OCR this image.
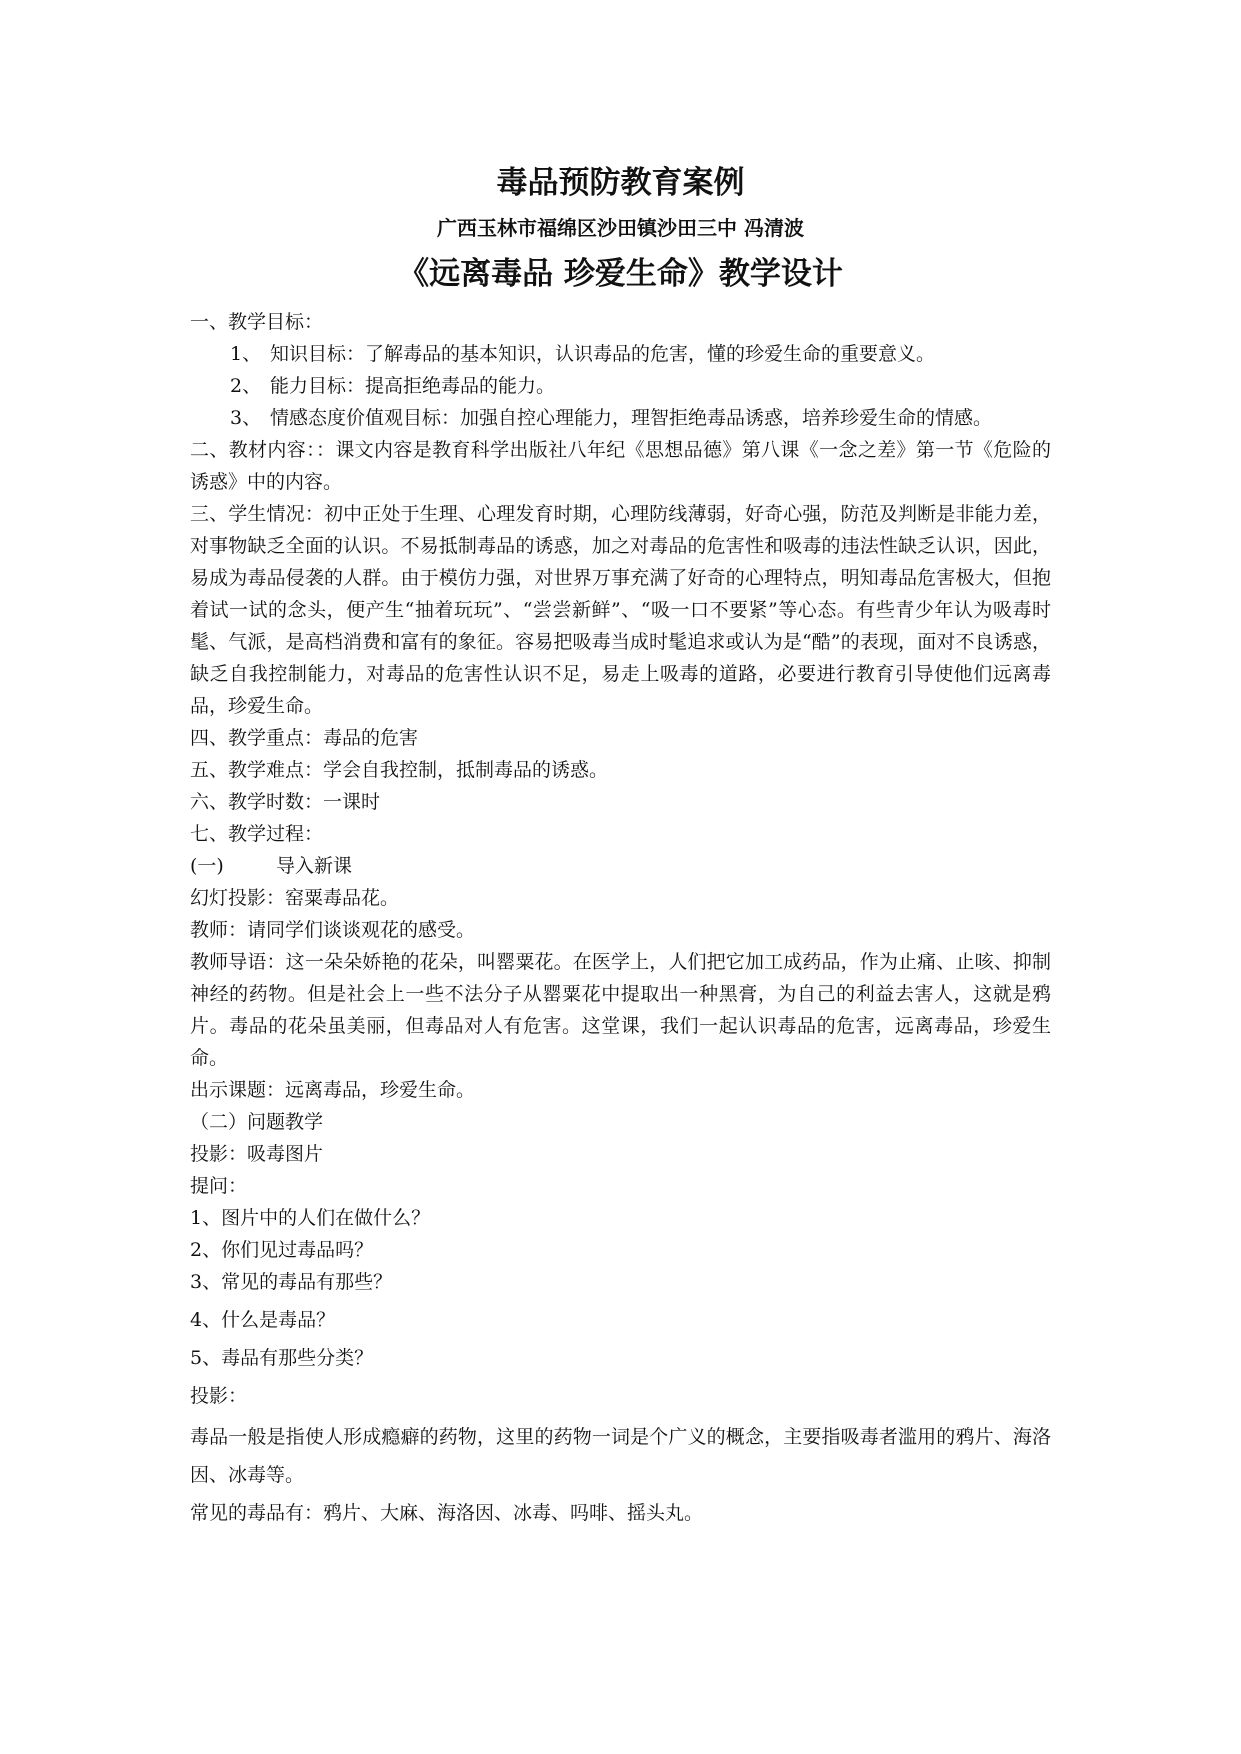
毒品预防教育案例

广西玉林市福绵区沙田镇沙田三中 冯清波

《远离毒品 珍爱生命》教学设计

一、教学目标：

1、 知识目标：了解毒品的基本知识，认识毒品的危害，懂的珍爱生命的重要意义。
2、 能力目标：提高拒绝毒品的能力。
3、 情感态度价值观目标：加强自控心理能力，理智拒绝毒品诱惑，培养珍爱生命的情感。

二、教材内容：：课文内容是教育科学出版社八年纪《思想品德》第八课《一念之差》第一节《危险的诱惑》中的内容。

三、学生情况：初中正处于生理、心理发育时期，心理防线薄弱，好奇心强，防范及判断是非能力差，对事物缺乏全面的认识。不易抵制毒品的诱惑，加之对毒品的危害性和吸毒的违法性缺乏认识，因此，易成为毒品侵袭的人群。由于模仿力强，对世界万事充满了好奇的心理特点，明知毒品危害极大，但抱着试一试的念头，便产生“抽着玩玩”、“尝尝新鲜”、“吸一口不要紧”等心态。有些青少年认为吸毒时髦、气派，是高档消费和富有的象征。容易把吸毒当成时髦追求或认为是“酷”的表现，面对不良诱惑，缺乏自我控制能力，对毒品的危害性认识不足，易走上吸毒的道路，必要进行教育引导使他们远离毒品，珍爱生命。

四、教学重点：毒品的危害

五、教学难点：学会自我控制，抵制毒品的诱惑。

六、教学时数：一课时

七、教学过程：

(一)	导入新课

幻灯投影：窑粟毒品花。

教师：请同学们谈谈观花的感受。

教师导语：这一朵朵娇艳的花朵，叫罂粟花。在医学上，人们把它加工成药品，作为止痛、止咳、抑制神经的药物。但是社会上一些不法分子从罂粟花中提取出一种黑膏，为自己的利益去害人，这就是鸦片。毒品的花朵虽美丽，但毒品对人有危害。这堂课，我们一起认识毒品的危害，远离毒品，珍爱生命。

出示课题：远离毒品，珍爱生命。

（二）问题教学

投影：吸毒图片

提问：

1、图片中的人们在做什么？

2、你们见过毒品吗？

3、常见的毒品有那些？

4、什么是毒品？

5、毒品有那些分类？

投影：

毒品一般是指使人形成瘾癖的药物，这里的药物一词是个广义的概念，主要指吸毒者滥用的鸦片、海洛因、冰毒等。

常见的毒品有：鸦片、大麻、海洛因、冰毒、吗啡、摇头丸。
